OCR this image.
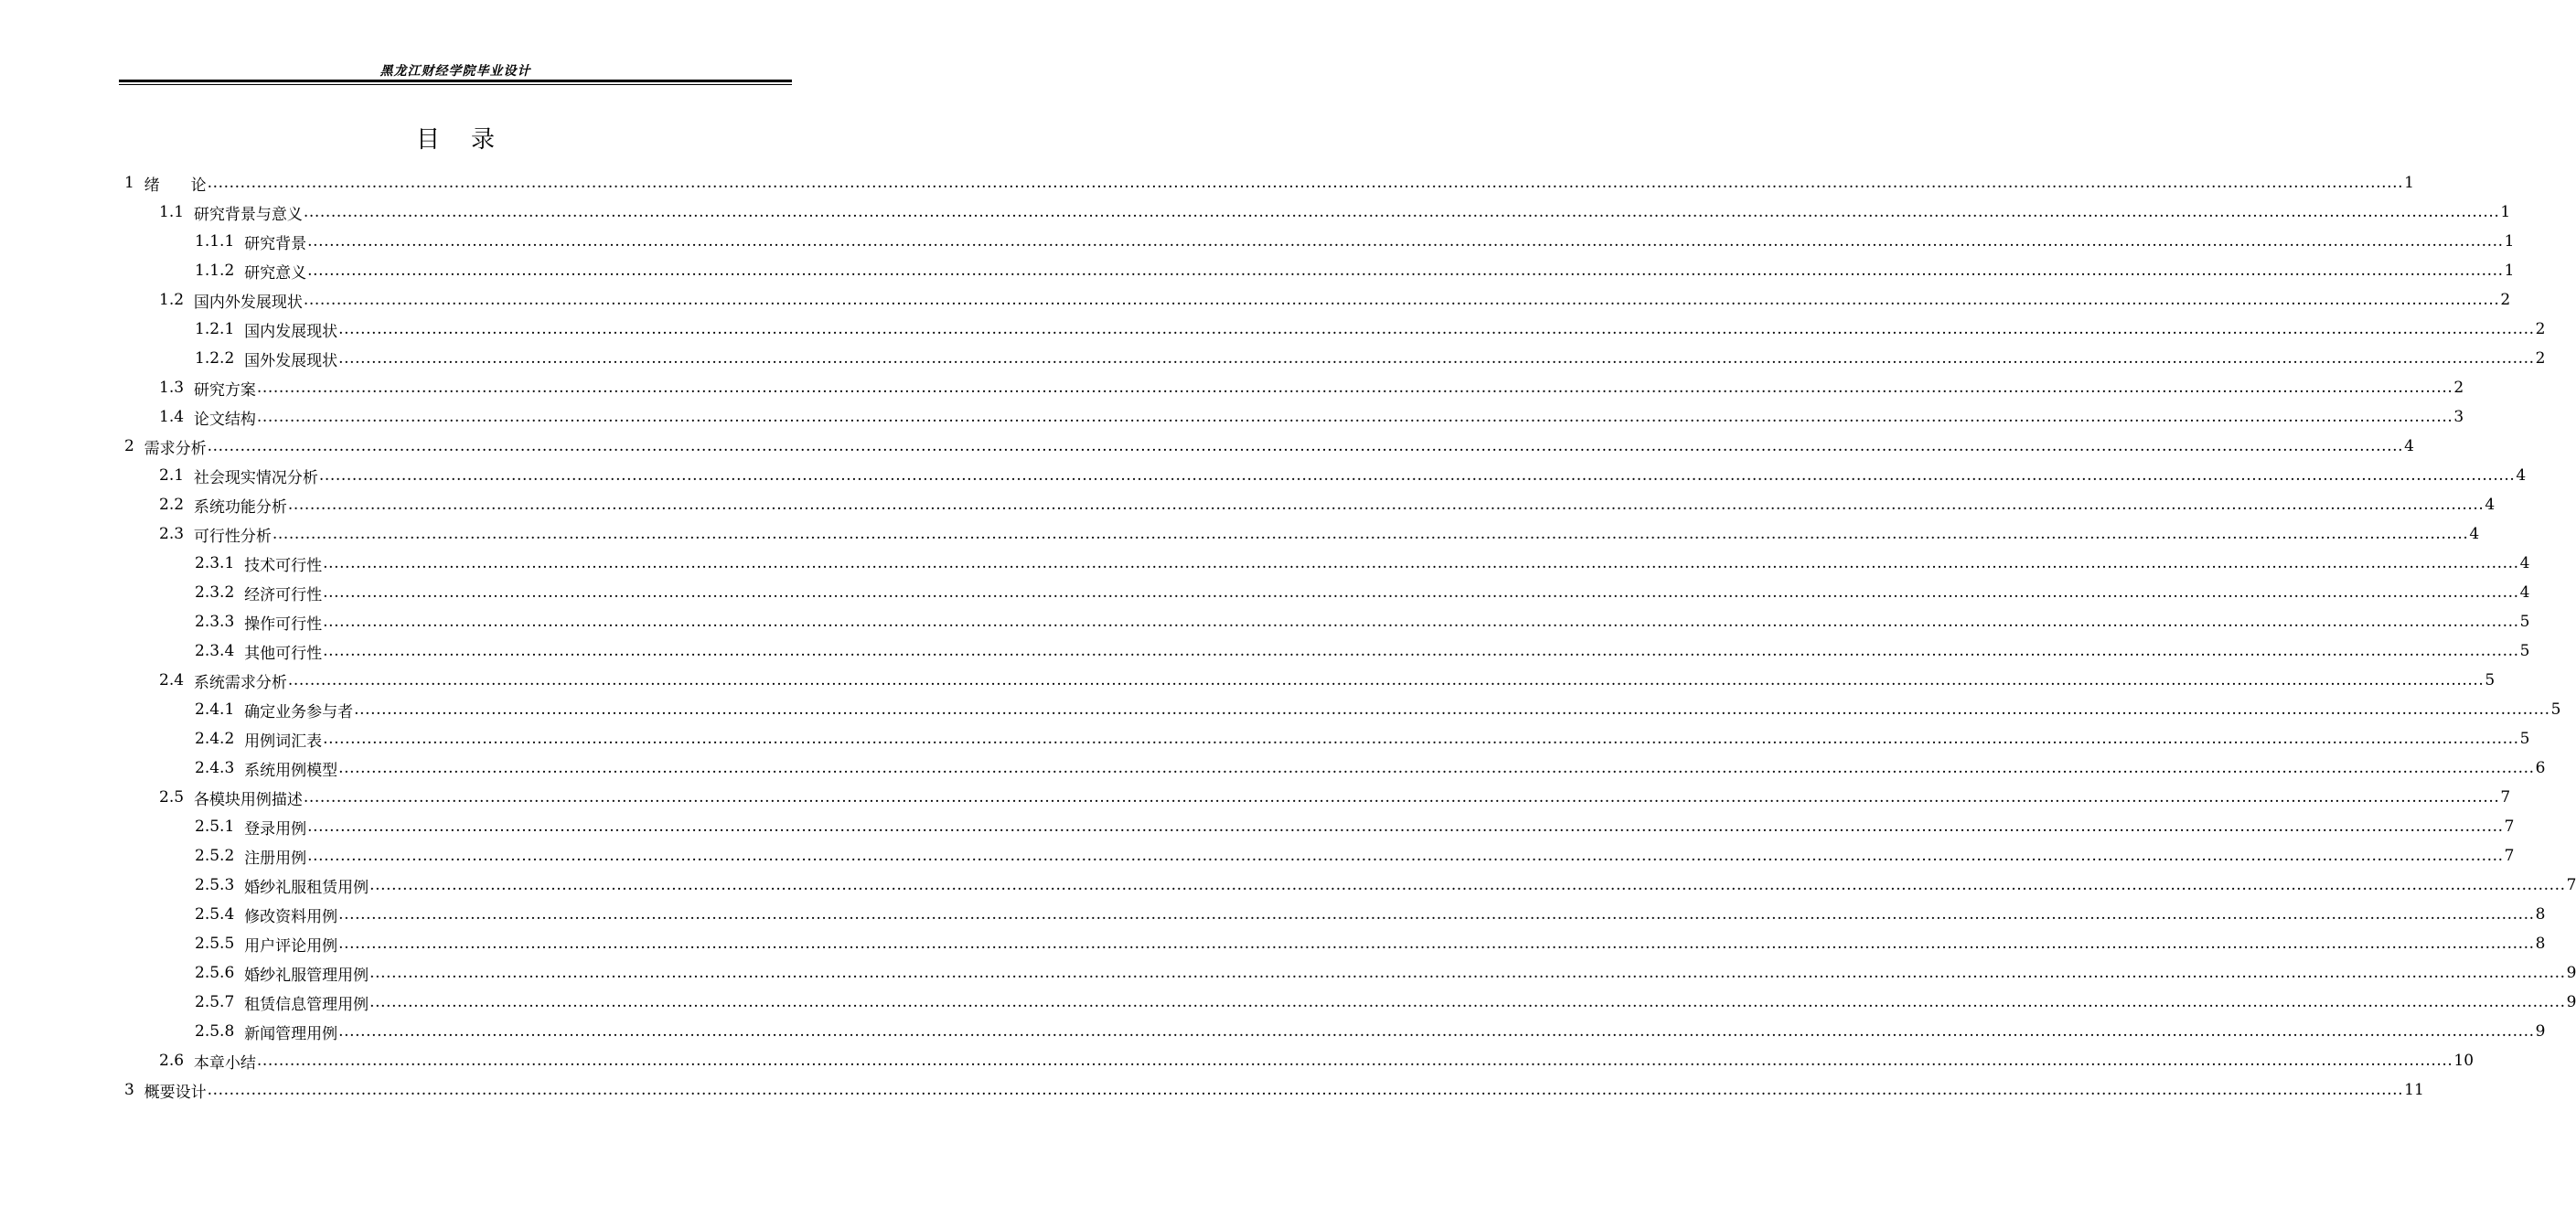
黑龙江财经学院毕业设计
目录
1
绪　　论 ................................................................................................................................................................................................................................................................................................................................................................................................................ 1
1.1
研究背景与意义 ................................................................................................................................................................................................................................................................................................................................................................................................................ 1
1.1.1
研究背景 ................................................................................................................................................................................................................................................................................................................................................................................................................ 1
1.1.2
研究意义 ................................................................................................................................................................................................................................................................................................................................................................................................................ 1
1.2
国内外发展现状 ................................................................................................................................................................................................................................................................................................................................................................................................................ 2
1.2.1
国内发展现状 ................................................................................................................................................................................................................................................................................................................................................................................................................ 2
1.2.2
国外发展现状 ................................................................................................................................................................................................................................................................................................................................................................................................................ 2
1.3
研究方案 ................................................................................................................................................................................................................................................................................................................................................................................................................ 2
1.4
论文结构 ................................................................................................................................................................................................................................................................................................................................................................................................................ 3
2
需求分析 ................................................................................................................................................................................................................................................................................................................................................................................................................ 4
2.1
社会现实情况分析 ................................................................................................................................................................................................................................................................................................................................................................................................................ 4
2.2
系统功能分析 ................................................................................................................................................................................................................................................................................................................................................................................................................ 4
2.3
可行性分析 ................................................................................................................................................................................................................................................................................................................................................................................................................ 4
2.3.1
技术可行性 ................................................................................................................................................................................................................................................................................................................................................................................................................ 4
2.3.2
经济可行性 ................................................................................................................................................................................................................................................................................................................................................................................................................ 4
2.3.3
操作可行性 ................................................................................................................................................................................................................................................................................................................................................................................................................ 5
2.3.4
其他可行性 ................................................................................................................................................................................................................................................................................................................................................................................................................ 5
2.4
系统需求分析 ................................................................................................................................................................................................................................................................................................................................................................................................................ 5
2.4.1
确定业务参与者 ................................................................................................................................................................................................................................................................................................................................................................................................................ 5
2.4.2
用例词汇表 ................................................................................................................................................................................................................................................................................................................................................................................................................ 5
2.4.3
系统用例模型 ................................................................................................................................................................................................................................................................................................................................................................................................................ 6
2.5
各模块用例描述 ................................................................................................................................................................................................................................................................................................................................................................................................................ 7
2.5.1
登录用例 ................................................................................................................................................................................................................................................................................................................................................................................................................ 7
2.5.2
注册用例 ................................................................................................................................................................................................................................................................................................................................................................................................................ 7
2.5.3
婚纱礼服租赁用例 ................................................................................................................................................................................................................................................................................................................................................................................................................ 7
2.5.4
修改资料用例 ................................................................................................................................................................................................................................................................................................................................................................................................................ 8
2.5.5
用户评论用例 ................................................................................................................................................................................................................................................................................................................................................................................................................ 8
2.5.6
婚纱礼服管理用例 ................................................................................................................................................................................................................................................................................................................................................................................................................ 9
2.5.7
租赁信息管理用例 ................................................................................................................................................................................................................................................................................................................................................................................................................ 9
2.5.8
新闻管理用例 ................................................................................................................................................................................................................................................................................................................................................................................................................ 9
2.6
本章小结 ................................................................................................................................................................................................................................................................................................................................................................................................................ 10
3
概要设计 ................................................................................................................................................................................................................................................................................................................................................................................................................ 11
